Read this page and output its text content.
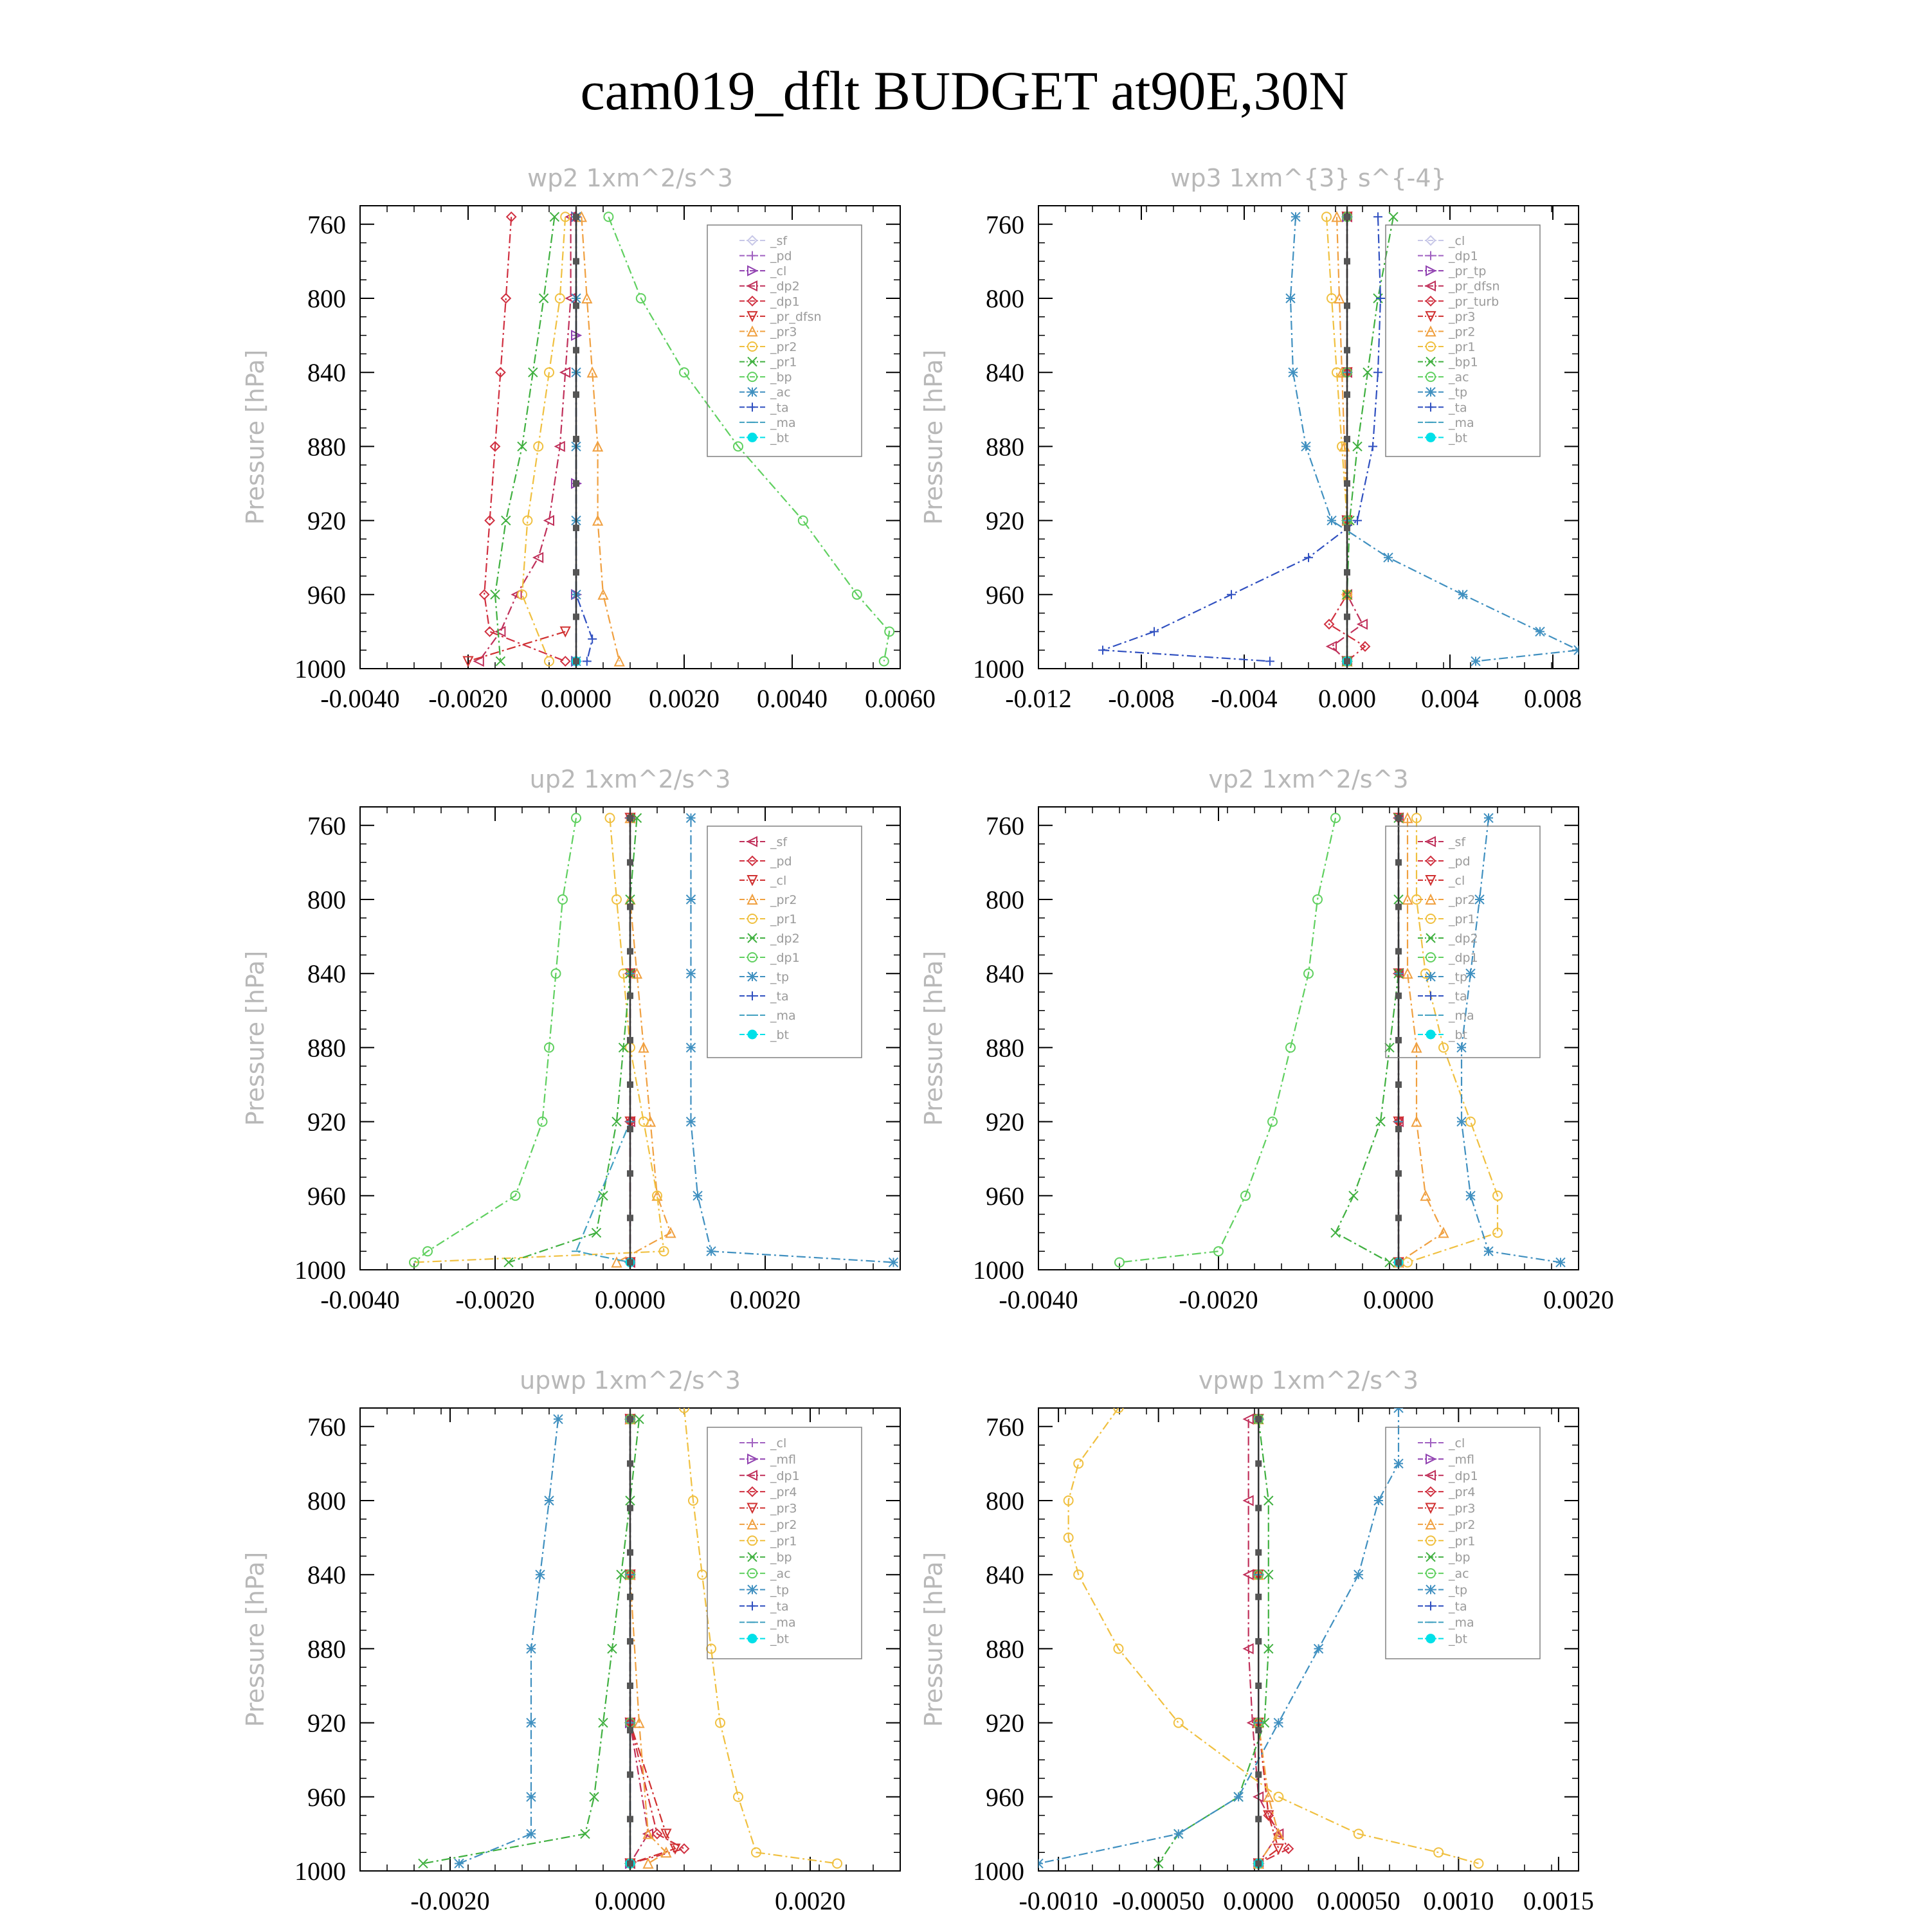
cam019_dflt BUDGET at90E,30N
wp2 1xm^2/s^3
Pressure [hPa]
760
800
840
880
920
960
1000
-0.0040 -0.0020 0.0000 0.0020 0.0040 0.0060
_sf
_pd
_cl
_dp2
_dp1
_pr_dfsn
_pr3
_pr2
_pr1
_bp
_ac
_ta
_ma
_bt
wp3 1xm^{3} s^{-4}
Pressure [hPa]
760
800
840
880
920
960
1000
-0.012 -0.008 -0.004 0.000 0.004 0.008
_cl
_dp1
_pr_tp
_pr_dfsn
_pr_turb
_pr3
_pr2
_pr1
_bp1
_ac
_tp
_ta
_ma
_bt
up2 1xm^2/s^3
Pressure [hPa]
760
800
840
880
920
960
1000
-0.0040 -0.0020 0.0000	0.0020
_sf
_pd
_cl
_pr2
_pr1
_dp2
_dp1
_tp
_ta
_ma
_bt
vp2 1xm^2/s^3
Pressure [hPa]
760
800
840
880
920
960
1000
-0.0040	-0.0020	0.0000	0.0020
_sf
_pd
_cl
_pr2
_pr1
_dp2
_dp1
_tp
_ta
_ma
_bt
upwp 1xm^2/s^3
Pressure [hPa]
760
800
840
880
920
960
1000
-0.0020	0.0000	0.0020
_cl
_mfl
_dp1
_pr4
_pr3
_pr2
_pr1
_bp
_ac
_tp
_ta
_ma
_bt
vpwp 1xm^2/s^3
Pressure [hPa]
760
800
840
880
920
960
1000
-0.0010 -0.00050 0.0000 0.00050 0.0010 0.0015
_cl
_mfl
_dp1
_pr4
_pr3
_pr2
_pr1
_bp
_ac
_tp
_ta
_ma
_bt
